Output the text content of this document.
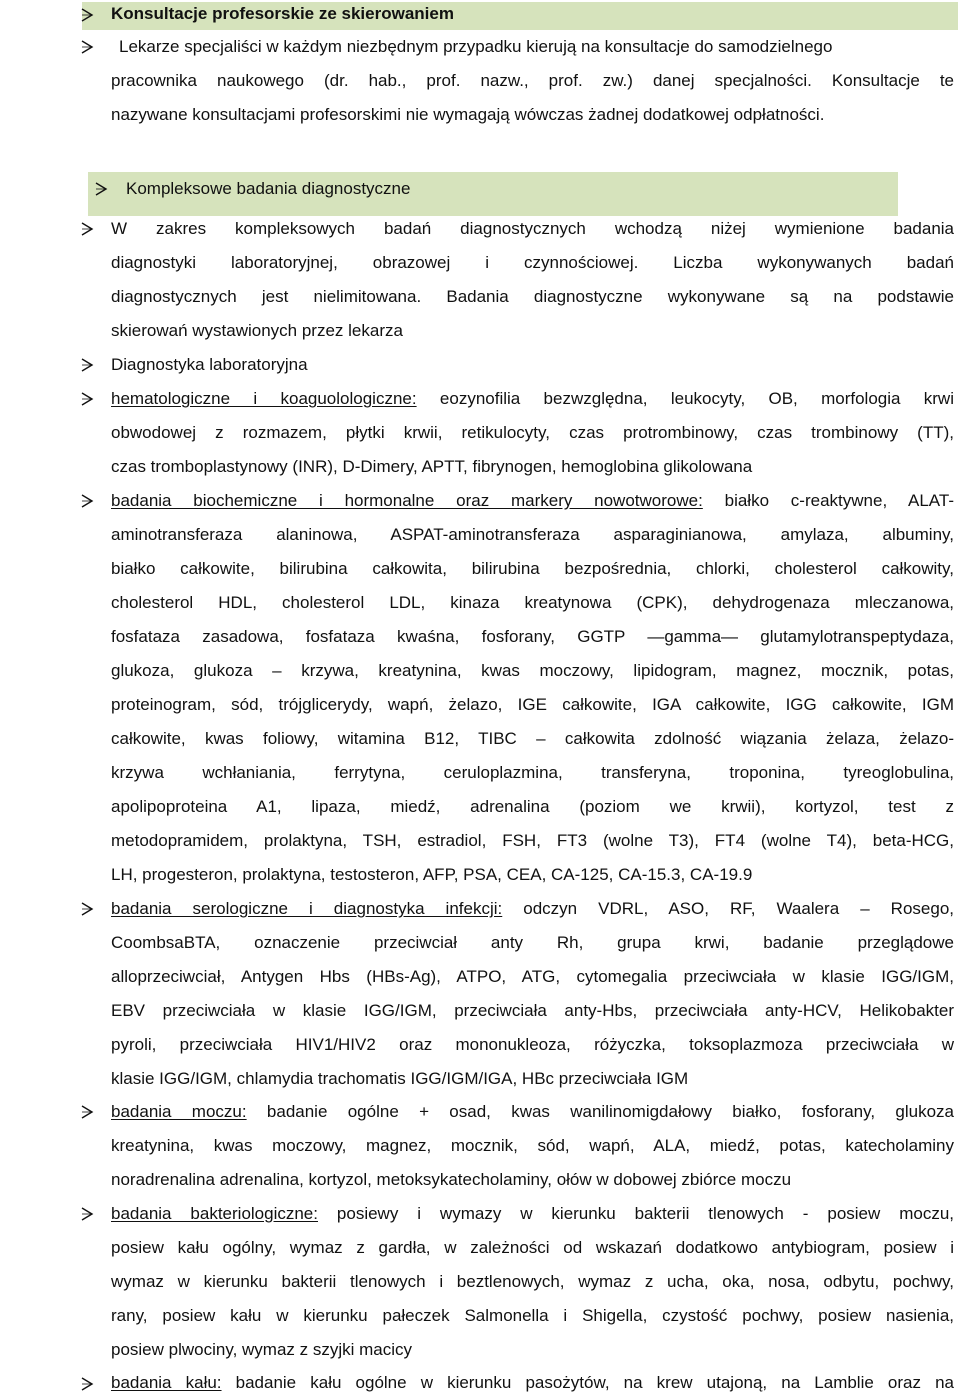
Konsultacje profesorskie ze skierowaniem
Lekarze specjaliści w każdym niezbędnym przypadku kierują na konsultacje do samodzielnego
pracownika naukowego (dr. hab., prof. nazw., prof. zw.) danej specjalności. Konsultacje te
nazywane konsultacjami profesorskimi nie wymagają wówczas żadnej dodatkowej odpłatności.
Kompleksowe badania diagnostyczne
W zakres kompleksowych badań diagnostycznych wchodzą niżej wymienione badania
diagnostyki laboratoryjnej, obrazowej i czynnościowej. Liczba wykonywanych badań
diagnostycznych jest nielimitowana. Badania diagnostyczne wykonywane są na podstawie
skierowań wystawionych przez lekarza
Diagnostyka laboratoryjna
hematologiczne i koaguolologiczne: eozynofilia bezwzględna, leukocyty, OB, morfologia krwi
obwodowej z rozmazem, płytki krwii, retikulocyty, czas protrombinowy, czas trombinowy (TT),
czas tromboplastynowy (INR), D-Dimery, APTT, fibrynogen, hemoglobina glikolowana
badania biochemiczne i hormonalne oraz markery nowotworowe: białko c-reaktywne, ALAT-
aminotransferaza alaninowa, ASPAT-aminotransferaza asparaginianowa, amylaza, albuminy,
białko całkowite, bilirubina całkowita, bilirubina bezpośrednia, chlorki, cholesterol całkowity,
cholesterol HDL, cholesterol LDL, kinaza kreatynowa (CPK), dehydrogenaza mleczanowa,
fosfataza zasadowa, fosfataza kwaśna, fosforany, GGTP —gamma— glutamylotranspeptydaza,
glukoza, glukoza – krzywa, kreatynina, kwas moczowy, lipidogram, magnez, mocznik, potas,
proteinogram, sód, trójglicerydy, wapń, żelazo, IGE całkowite, IGA całkowite, IGG całkowite, IGM
całkowite, kwas foliowy, witamina B12, TIBC – całkowita zdolność wiązania żelaza, żelazo-
krzywa wchłaniania, ferrytyna, ceruloplazmina, transferyna, troponina, tyreoglobulina,
apolipoproteina A1, lipaza, miedź, adrenalina (poziom we krwii), kortyzol, test z
metodopramidem, prolaktyna, TSH, estradiol, FSH, FT3 (wolne T3), FT4 (wolne T4), beta-HCG,
LH, progesteron, prolaktyna, testosteron, AFP, PSA, CEA, CA-125, CA-15.3, CA-19.9
badania serologiczne i diagnostyka infekcji: odczyn VDRL, ASO, RF, Waalera – Rosego,
CoombsaBTA, oznaczenie przeciwciał anty Rh, grupa krwi, badanie przeglądowe
alloprzeciwciał, Antygen Hbs (HBs-Ag), ATPO, ATG, cytomegalia przeciwciała w klasie IGG/IGM,
EBV przeciwciała w klasie IGG/IGM, przeciwciała anty-Hbs, przeciwciała anty-HCV, Helikobakter
pyroli, przeciwciała HIV1/HIV2 oraz mononukleoza, różyczka, toksoplazmoza przeciwciała w
klasie IGG/IGM, chlamydia trachomatis IGG/IGM/IGA, HBc przeciwciała IGM
badania moczu: badanie ogólne + osad, kwas wanilinomigdałowy białko, fosforany, glukoza
kreatynina, kwas moczowy, magnez, mocznik, sód, wapń, ALA, miedź, potas, katecholaminy
noradrenalina adrenalina, kortyzol, metoksykatecholaminy, ołów w dobowej zbiórce moczu
badania bakteriologiczne: posiewy i wymazy w kierunku bakterii tlenowych - posiew moczu,
posiew kału ogólny, wymaz z gardła, w zależności od wskazań dodatkowo antybiogram, posiew i
wymaz w kierunku bakterii tlenowych i beztlenowych, wymaz z ucha, oka, nosa, odbytu, pochwy,
rany, posiew kału w kierunku pałeczek Salmonella i Shigella, czystość pochwy, posiew nasienia,
posiew plwociny, wymaz z szyjki macicy
badania kału: badanie kału ogólne w kierunku pasożytów, na krew utajoną, na Lamblie oraz na
